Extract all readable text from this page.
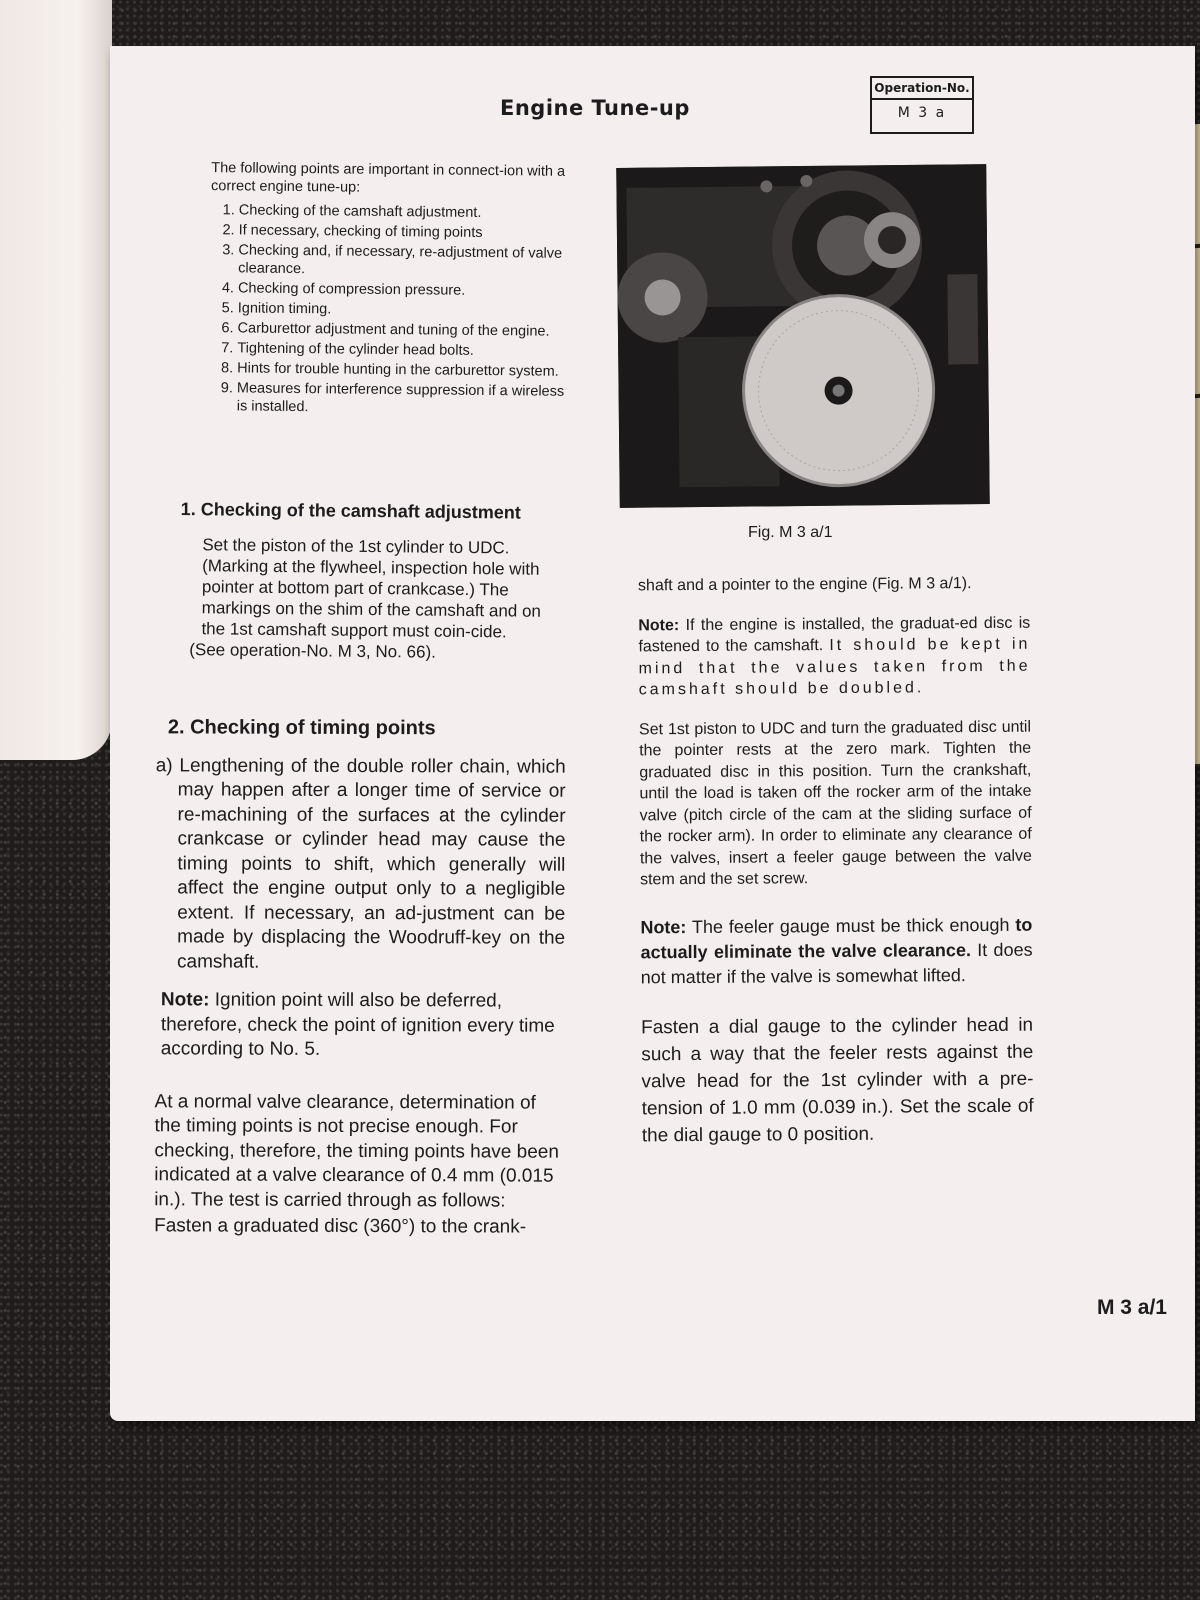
Engine Tune-up
Operation-No.
M 3 a
The following points are important in connect-ion with a correct engine tune-up:
1. Checking of the camshaft adjustment.
2. If necessary, checking of timing points
3. Checking and, if necessary, re-adjustment of valve clearance.
4. Checking of compression pressure.
5. Ignition timing.
6. Carburettor adjustment and tuning of the engine.
7. Tightening of the cylinder head bolts.
8. Hints for trouble hunting in the carburettor system.
9. Measures for interference suppression if a wireless is installed.
1. Checking of the camshaft adjustment
Set the piston of the 1st cylinder to UDC. (Marking at the flywheel, inspection hole with pointer at bottom part of crankcase.) The markings on the shim of the camshaft and on the 1st camshaft support must coin-cide.
(See operation-No. M 3, No. 66).
2. Checking of timing points

a) Lengthening of the double roller chain, which may happen after a longer time of service or re-machining of the surfaces at the cylinder crankcase or cylinder head may cause the timing points to shift, which generally will affect the engine output only to a negligible extent. If necessary, an ad-justment can be made by displacing the Woodruff-key on the camshaft.

Note: Ignition point will also be deferred, therefore, check the point of ignition every time according to No. 5.

At a normal valve clearance, determination of the timing points is not precise enough. For checking, therefore, the timing points have been indicated at a valve clearance of 0.4 mm (0.015 in.). The test is carried through as follows:

Fasten a graduated disc (360°) to the crank-

Fig. M 3 a/1

shaft and a pointer to the engine (Fig. M 3 a/1).

Note: If the engine is installed, the graduat-ed disc is fastened to the camshaft. It should be kept in mind that the values taken from the camshaft should be doubled.

Set 1st piston to UDC and turn the graduated disc until the pointer rests at the zero mark. Tighten the graduated disc in this position. Turn the crankshaft, until the load is taken off the rocker arm of the intake valve (pitch circle of the cam at the sliding surface of the rocker arm). In order to eliminate any clearance of the valves, insert a feeler gauge between the valve stem and the set screw.

Note: The feeler gauge must be thick enough to actually eliminate the valve clearance. It does not matter if the valve is somewhat lifted.

Fasten a dial gauge to the cylinder head in such a way that the feeler rests against the valve head for the 1st cylinder with a pre-tension of 1.0 mm (0.039 in.). Set the scale of the dial gauge to 0 position.

M 3 a/1
